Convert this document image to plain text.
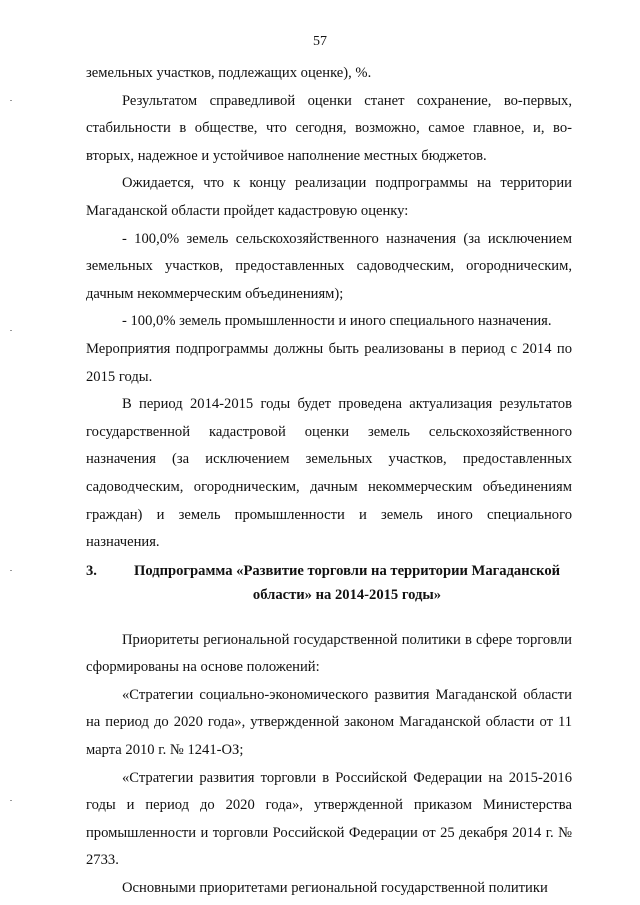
57

земельных участков, подлежащих оценке), %.

Результатом справедливой оценки станет сохранение, во-первых, стабильности в обществе, что сегодня, возможно, самое главное, и, во-вторых, надежное и устойчивое наполнение местных бюджетов.

Ожидается, что к концу реализации подпрограммы на территории Магаданской области пройдет кадастровую оценку:

- 100,0% земель сельскохозяйственного назначения (за исключением земельных участков, предоставленных садоводческим, огородническим, дачным некоммерческим объединениям);

- 100,0% земель промышленности и иного специального назначения.

Мероприятия подпрограммы должны быть реализованы в период с 2014 по 2015 годы.

В период 2014-2015 годы будет проведена актуализация результатов государственной кадастровой оценки земель сельскохозяйственного назначения (за исключением земельных участков, предоставленных садоводческим, огородническим, дачным некоммерческим объединениям граждан) и земель промышленности и земель иного специального назначения.

3.	Подпрограмма «Развитие торговли на территории Магаданской области» на 2014-2015 годы»

Приоритеты региональной государственной политики в сфере торговли сформированы на основе положений:

«Стратегии социально-экономического развития Магаданской области на период до 2020 года», утвержденной законом Магаданской области от 11 марта 2010 г. № 1241-ОЗ;

«Стратегии развития торговли в Российской Федерации на 2015-2016 годы и период до 2020 года», утвержденной приказом Министерства промышленности и торговли Российской Федерации от 25 декабря 2014 г. № 2733.

Основными приоритетами региональной государственной политики
